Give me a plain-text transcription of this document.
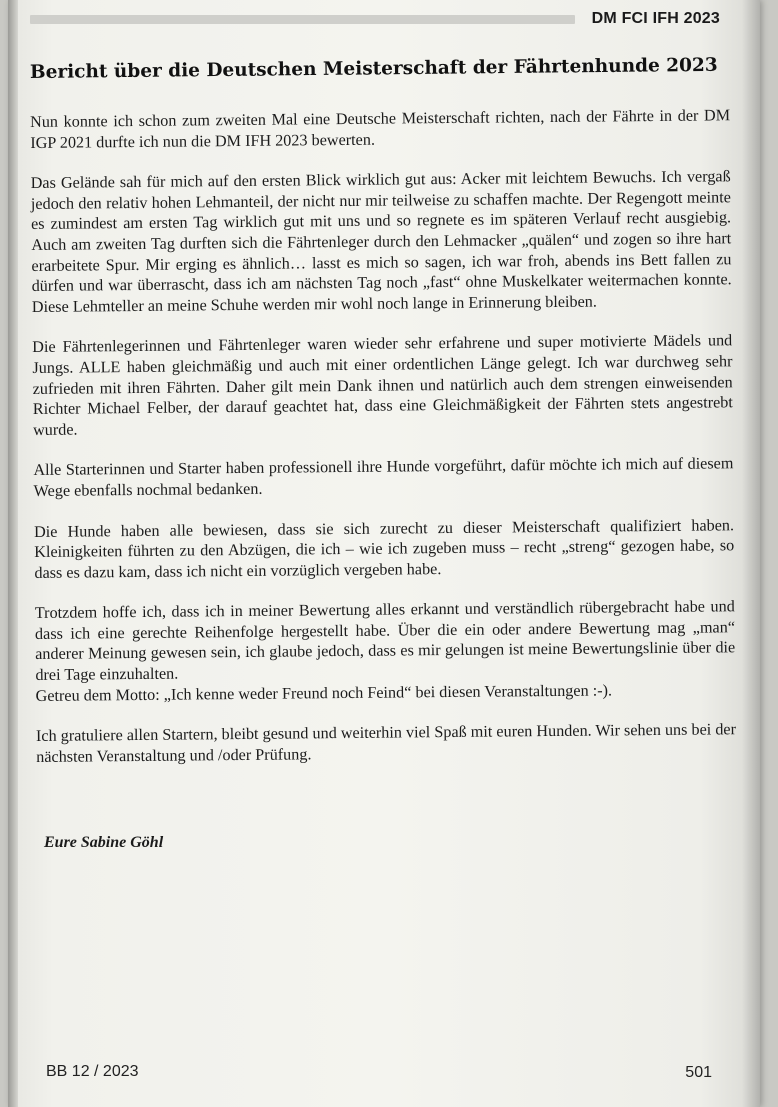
DM FCI IFH 2023
Bericht über die Deutschen Meisterschaft der Fährtenhunde 2023

Nun konnte ich schon zum zweiten Mal eine Deutsche Meisterschaft richten, nach der Fährte in der DM IGP 2021 durfte ich nun die DM IFH 2023 bewerten.

Das Gelände sah für mich auf den ersten Blick wirklich gut aus: Acker mit leichtem Bewuchs. Ich vergaß jedoch den relativ hohen Lehmanteil, der nicht nur mir teilweise zu schaffen machte. Der Regengott meinte es zumindest am ersten Tag wirklich gut mit uns und so regnete es im späteren Verlauf recht ausgiebig. Auch am zweiten Tag durften sich die Fährtenleger durch den Lehmacker „quälen“ und zogen so ihre hart erarbeitete Spur. Mir erging es ähnlich… lasst es mich so sagen, ich war froh, abends ins Bett fallen zu dürfen und war überrascht, dass ich am nächsten Tag noch „fast“ ohne Muskelkater weitermachen konnte. Diese Lehmteller an meine Schuhe werden mir wohl noch lange in Erinnerung bleiben.

Die Fährtenlegerinnen und Fährtenleger waren wieder sehr erfahrene und super motivierte Mädels und Jungs. ALLE haben gleichmäßig und auch mit einer ordentlichen Länge gelegt. Ich war durchweg sehr zufrieden mit ihren Fährten. Daher gilt mein Dank ihnen und natürlich auch dem strengen einweisenden Richter Michael Felber, der darauf geachtet hat, dass eine Gleichmäßigkeit der Fährten stets angestrebt wurde.

Alle Starterinnen und Starter haben professionell ihre Hunde vorgeführt, dafür möchte ich mich auf diesem Wege ebenfalls nochmal bedanken.

Die Hunde haben alle bewiesen, dass sie sich zurecht zu dieser Meisterschaft qualifiziert haben. Kleinigkeiten führten zu den Abzügen, die ich – wie ich zugeben muss – recht „streng“ gezogen habe, so dass es dazu kam, dass ich nicht ein vorzüglich vergeben habe.

Trotzdem hoffe ich, dass ich in meiner Bewertung alles erkannt und verständlich rübergebracht habe und dass ich eine gerechte Reihenfolge hergestellt habe. Über die ein oder andere Bewertung mag „man“ anderer Meinung gewesen sein, ich glaube jedoch, dass es mir gelungen ist meine Bewertungslinie über die drei Tage einzuhalten.
Getreu dem Motto: „Ich kenne weder Freund noch Feind“ bei diesen Veranstaltungen :-).

Ich gratuliere allen Startern, bleibt gesund und weiterhin viel Spaß mit euren Hunden. Wir sehen uns bei der nächsten Veranstaltung und /oder Prüfung.

Eure Sabine Göhl

BB 12 / 2023	501
